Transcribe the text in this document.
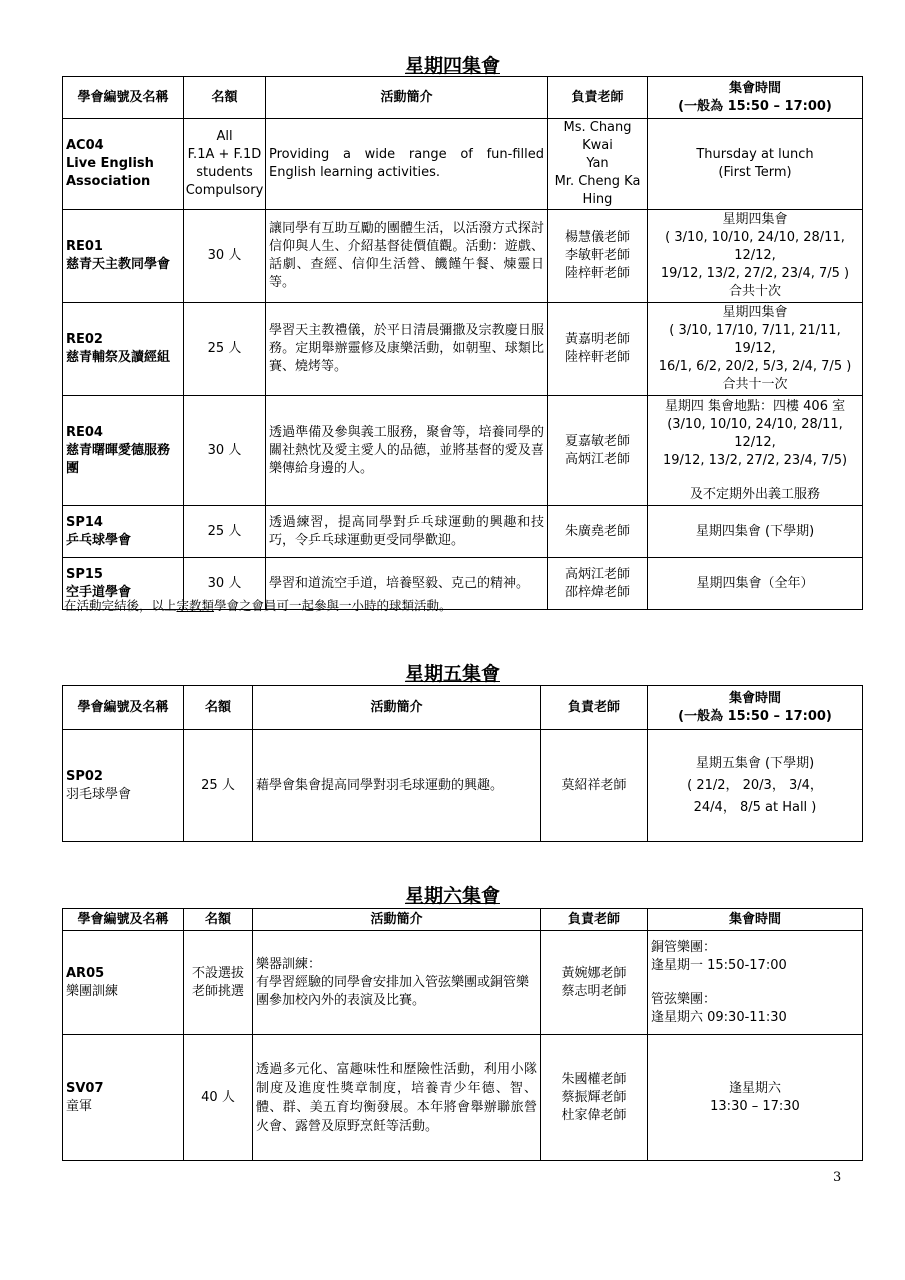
星期四集會
學會編號及名稱	名額	活動簡介	負責老師	集會時間
(一般為 15:50 – 17:00)

AC04
Live English
Association	All
F.1A + F.1D
students
Compulsory	Providing a wide range of fun-filled English learning activities.	Ms. Chang Kwai
Yan
Mr. Cheng Ka
Hing	Thursday at lunch
(First Term)

RE01
慈青天主教同學會	30 人	讓同學有互助互勵的團體生活，以活潑方式探討信仰與人生、介紹基督徒價值觀。活動：遊戲、話劇、查經、信仰生活營、饑饉午餐、煉靈日等。	楊慧儀老師
李敏軒老師
陸梓軒老師	星期四集會
( 3/10, 10/10, 24/10, 28/11, 12/12,
19/12, 13/2, 27/2, 23/4, 7/5 )
合共十次

RE02
慈青輔祭及讀經組	25 人	學習天主教禮儀，於平日清晨彌撒及宗教慶日服務。定期舉辦靈修及康樂活動，如朝聖、球類比賽、燒烤等。	黃嘉明老師
陸梓軒老師	星期四集會
( 3/10, 17/10, 7/11, 21/11, 19/12,
16/1, 6/2, 20/2, 5/3, 2/4, 7/5 )
合共十一次

RE04
慈青曙暉愛德服務團	30 人	透過準備及參與義工服務，聚會等，培養同學的關社熱忱及愛主愛人的品德，並將基督的愛及喜樂傳給身邊的人。	夏嘉敏老師
高炳江老師	星期四 集會地點：四樓 406 室
(3/10, 10/10, 24/10, 28/11, 12/12,
19/12, 13/2, 27/2, 23/4, 7/5)
及不定期外出義工服務

SP14
乒乓球學會	25 人	透過練習，提高同學對乒乓球運動的興趣和技巧，令乒乓球運動更受同學歡迎。	朱廣堯老師	星期四集會 (下學期)

SP15
空手道學會	30 人	學習和道流空手道，培養堅毅、克己的精神。	高炳江老師
邵梓煒老師	星期四集會（全年）
在活動完結後，以上宗教類學會之會員可一起參與一小時的球類活動。
星期五集會
學會編號及名稱	名額	活動簡介	負責老師	集會時間
(一般為 15:50 – 17:00)

SP02
羽毛球學會	25 人	藉學會集會提高同學對羽毛球運動的興趣。	莫紹祥老師	星期五集會 (下學期)
( 21/2， 20/3， 3/4，
24/4， 8/5 at Hall )
星期六集會
學會編號及名稱	名額	活動簡介	負責老師	集會時間

AR05
樂團訓練	不設選拔
老師挑選	樂器訓練：
有學習經驗的同學會安排加入管弦樂團或銅管樂團參加校內外的表演及比賽。	黃婉娜老師
蔡志明老師	銅管樂團：
逢星期一 15:50-17:00
管弦樂團：
逢星期六 09:30-11:30

SV07
童軍	40 人	透過多元化、富趣味性和歷險性活動，利用小隊制度及進度性獎章制度，培養青少年德、智、體、群、美五育均衡發展。本年將會舉辦聯旅營火會、露營及原野烹飪等活動。	朱國權老師
蔡振輝老師
杜家偉老師	逢星期六
13:30 – 17:30
3
